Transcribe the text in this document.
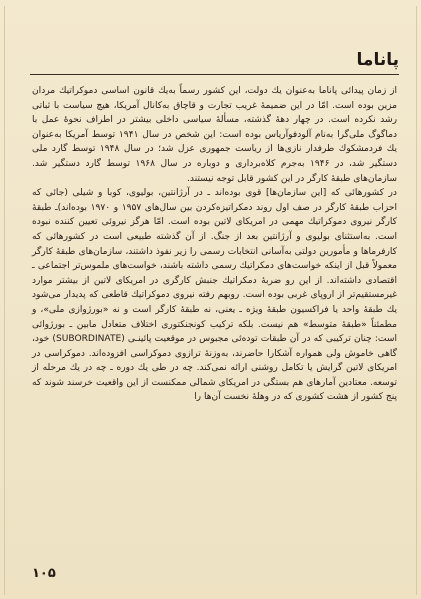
پاناما

از زمان پیدائی پاناما به‌عنوان یك دولت، این كشور رسماً به‌یك قانون اساسی دموكراتیك مردان مزین بوده است. امّا در این ضمیمهٔ غریب تجارت و قاچاق به‌كانال آمریكا، هیچ سیاست با ثباتی رشد نكرده است. در چهار دههٔ گذشته، مسألهٔ سیاسی داخلی بیشتر در اطراف نحوهٔ عمل با دماگوگ ملی‌گرا به‌نام آلودفوآریاس بوده است: این شخص در سال ۱۹۴۱ توسط آمریكا به‌عنوان یك فردمشكوك طرفدار نازی‌ها از ریاست جمهوری عزل شد؛ در سال ۱۹۴۸ توسط گارد ملی دستگیر شد، در ۱۹۴۶ به‌جرم كلاه‌برداری و دوباره در سال ۱۹۶۸ توسط گارد دستگیر شد. سازمان‌های طبقهٔ كارگر در این كشور قابل توجه نیستند.

در كشورهائی كه [این سازمان‌ها] قوی بوده‌اند ـ در آرژانتین، بولیوی، كوبا و شیلی (جائی كه احزاب طبقهٔ كارگر در صف اول روند دمكراتیزه‌كردن بین سال‌های ۱۹۵۷ و ۱۹۷۰ بوده‌اند)ـ طبقهٔ كارگر نیروی دموكراتیك مهمی در امریكای لاتین بوده است. امّا هرگز نیروئی تعیین كننده نبوده است. به‌استثنای بولیوی و آرژانتین بعد از جنگ. از آن گذشته طبیعی است در كشورهائی كه كارفرماها و مأمورین دولتی به‌آسانی انتخابات رسمی را زیر نفوذ داشتند، سازمان‌های طبقهٔ كارگر معمولاً قبل از اینكه خواست‌های دمكراتیك رسمی داشته باشند، خواست‌های ملموس‌تر اجتماعی ـ اقتصادی داشته‌اند. از این رو ضربهٔ دمكراتیك جنبش كارگری در امریكای لاتین از بیشتر موارد غیرمستقیم‌تر از اروپای غربی بوده است. روبهم رفته نیروی دموكراتیك قاطعی كه پدیدار می‌شود یك طبقهٔ واحد یا فراكسیون طبقهٔ ویژه ـ یعنی، نه طبقهٔ كارگر است و نه «بورژوازی ملی»، و مطمئناً «طبقهٔ متوسط» هم نیست. بلكه تركیب كونجنكتوری اختلاف متعادل مابین ـ بورژوائی است: چنان تركیبی كه در آن طبقات توده‌ئی مجبوس در موقعیت پائینـی (SUBORDINATE) خود، گاهی خاموش ولی همواره آشكارا حاضرند، به‌وزنهٔ ترازوی دموكراسی افزوده‌اند. دموكراسی در امریكای لاتین گرایش یا تكامل روشنی ارائه نمی‌كند. چه در طی یك دوره ـ چه در یك مرحله از توسعه. معتادین آمارهای هم بستگی در امریكای شمالی ممكنست از این واقعیت خرسند شوند كه پنج كشور از هشت كشوری كه در وهلهٔ نخست آن‌ها را

۱۰۵
